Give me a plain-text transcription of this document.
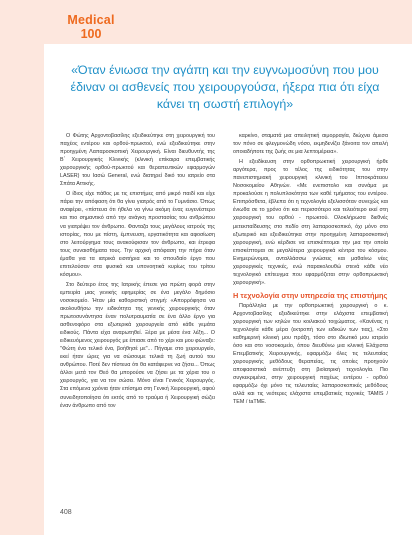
Medical
100
«Όταν ένιωσα την αγάπη και την ευγνωμοσύνη που μου έδιναν οι ασθενείς που χειρουργούσα, ήξερα πια ότι είχα κάνει τη σωστή επιλογή»

Ο Φώτης Αρχοντοβασίλης εξειδικεύτηκε στη χειρουργική του παχέος εντέρου και ορθού-πρωκτού, ενώ εξειδικεύτηκε στην προηγμένη Λαπαροσκοπική Χειρουργική. Είναι διευθυντής της Β΄ Χειρουργικής Κλινικής (κλινική επίκαιρα επεμβατικής χειρουργικής ορθού-πρωκτού και θεραπευτικών εφαρμογών LASER) του Ιασώ General, ενώ διατηρεί δικό του ιατρείο στα Σπάτα Αττικής.

Ο ίδιος είχε πάθος με τις επιστήμες από μικρό παιδί και είχε πάρει την απόφαση ότι θα γίνει γιατρός από το Γυμνάσιο. Όπως αναφέρει, «πίστευα ότι ήθελα να γίνω ακόμη ένας ευγενέστερο και πιο σημαντικό από την ανάγκη προστασίας του ανθρώπου να γιατρέψει τον άνθρωπο. Φανταζα τους μεγάλους ιατρούς της ιστορίας, που με πίστη, έμπνευση, εργατικότητα και αφοσίωση στο λειτούργημα τους ανακούφισαν τον άνθρωπο, και έτρεφα τους συναισθήματα τους. Την αρχική απόφαση την πήρα όταν έμαθα για τα ιατρικά εισιτήρια και το σπουδαίο έργο που επιτελούσαν στα φυσικά και υπονοητικά κυρίως του τρίτου κόσμου».

Στο δεύτερο έτος της Ιατρικής έπεσε για πρώτη φορά στην εμπειρία μιας γενικής εφημερίας σε ένα μεγάλο δημόσιο νοσοκομείο. Ήταν μία καθοριστική στιγμή: «Απορρόφησα να ακολουθήσω την ειδικότητα της γενικής χειρουργικής όταν πρωτοσυνάντησα έναν πολυτραυματία σε ένα άλλο έργο για ασθενοφόρο στα εξωτερικά χειρουργεία από κάθε γεμάτα ειδικούς. Πάντα είχα αναρωτηθεί. Ξέρα με μέσα ένα λέξη... Ο ειδικευόμενος χειρουργός με έπιασε από το χέρι και μου φώναξε: "Φώτη ένα τελικό ένα, βοήθησέ με"... Πήγαμε στο χειρουργείο, εκεί ήταν ώρες για να σώσουμε τελικά τη ζωή αυτού του ανθρώπου. Ποτέ δεν πίστευα ότι θα κατάφερνε να ζήσει... Όπως άλλοι μετά τον Θεό θα μπορούσε να ζήσει με τα χέρια του ο χειρουργός, για να τον σώσει. Μόνο είναι Γενικός Χειρουργός. Στα επόμενα χρόνια ήταν επίσημα στη Γενική Χειρουργική, αφού συνειδητοποίησα ότι εκτός από το τραύμα ή Χειρουργική σώζει έναν άνθρωπο από τον

καρκίνο, σταματά μια απειλητική αιμορραγία, διώχνει άμεσα τον πόνο σε φλεγμονώδη νόσο, εκμηδενίζει ξάνοιτα τον απειλή οποιαδήποτε της ζωής σε μια λεπτομέρεια».

Η εξειδίκευση στην ορθοπρωκτική χειρουργική ήρθε αργότερα, προς το τέλος της ειδικότητας του στην πανεπιστημιακή χειρουργική κλινική του Ιπποκράτειου Νοσοκομείου Αθηνών. «Με ενεπιστολο και συνάμα με προκαλούσε η πολυπλοκότητα των καθέ τμήματος του εντέρου. Επιπρόσθετα, έβλεπα ότι η τεχνολογία εξελισσόταν συνεχώς και ένιωθα σε το χρόνο ότι και περισσότερο και τελειότερο εκεί στη χειρουργική του ορθού - πρωκτού. Ολοκλήρωσα διεθνές μετεκπαίδευσης στο πεδίο στη λαπαροσκοπικό, όχι μόνο στο εξωτερικό και εξειδικεύτηκα στην προηγμένη λαπαροσκοπική χειρουργική, ενώ κέρδισε να επισκέπτομαι την μια την οποία επισκέπτομαι σε μεγαλύτερα χειρουργικά κέντρα του κόσμου. Ενημερώνομαι, ανταλλάσσω γνώσεις και μαθαίνω νέες χειρουργικές τεχνικές, ενώ παρακολουθώ στενά κάθε νέο τεχνολογικό επίτευγμα που εφαρμόζεται στην ορθοπρωκτική χειρουργική».

Η τεχνολογία στην υπηρεσία της επιστήμης

Παράλληλα με την ορθοπρωκτική χειρουργική ο κ. Αρχοντοβασίλης εξειδικεύτηκε στην ελάχιστα επεμβατική χειρουργική των κηλών του κοιλιακού τοιχώματος. «Κανένας η τεχνολογία κάθε μέρα (εκτροπή των ειδικών των τιας), «Στο καθημερινή κλινική μου πράξη, τόσο στο ιδιωτικό μου ιατρείο όσο και στο νοσοκομείο, όπου διευθύνω μια κλινική Ελάχιστα Επεμβατικής Χειρουργικής, εφαρμόζω όλες τις τελευταίας χειρουργικής μεθόδους θεραπείας, τις οποίες προηγούν αποφασιστικά ανέπτυξη στη βιοϊατρική τεχνολογία. Πιο συγκεκριμένα, στην χειρουργική παχέως εντέρου - ορθού εφαρμόζω όχι μόνο τις τελευταίες λαπαροσκοπικές μεθόδους αλλά και τις νεότερες ελάχιστα επεμβατικές τεχνικές TAMIS / TEM / taTME.

408
